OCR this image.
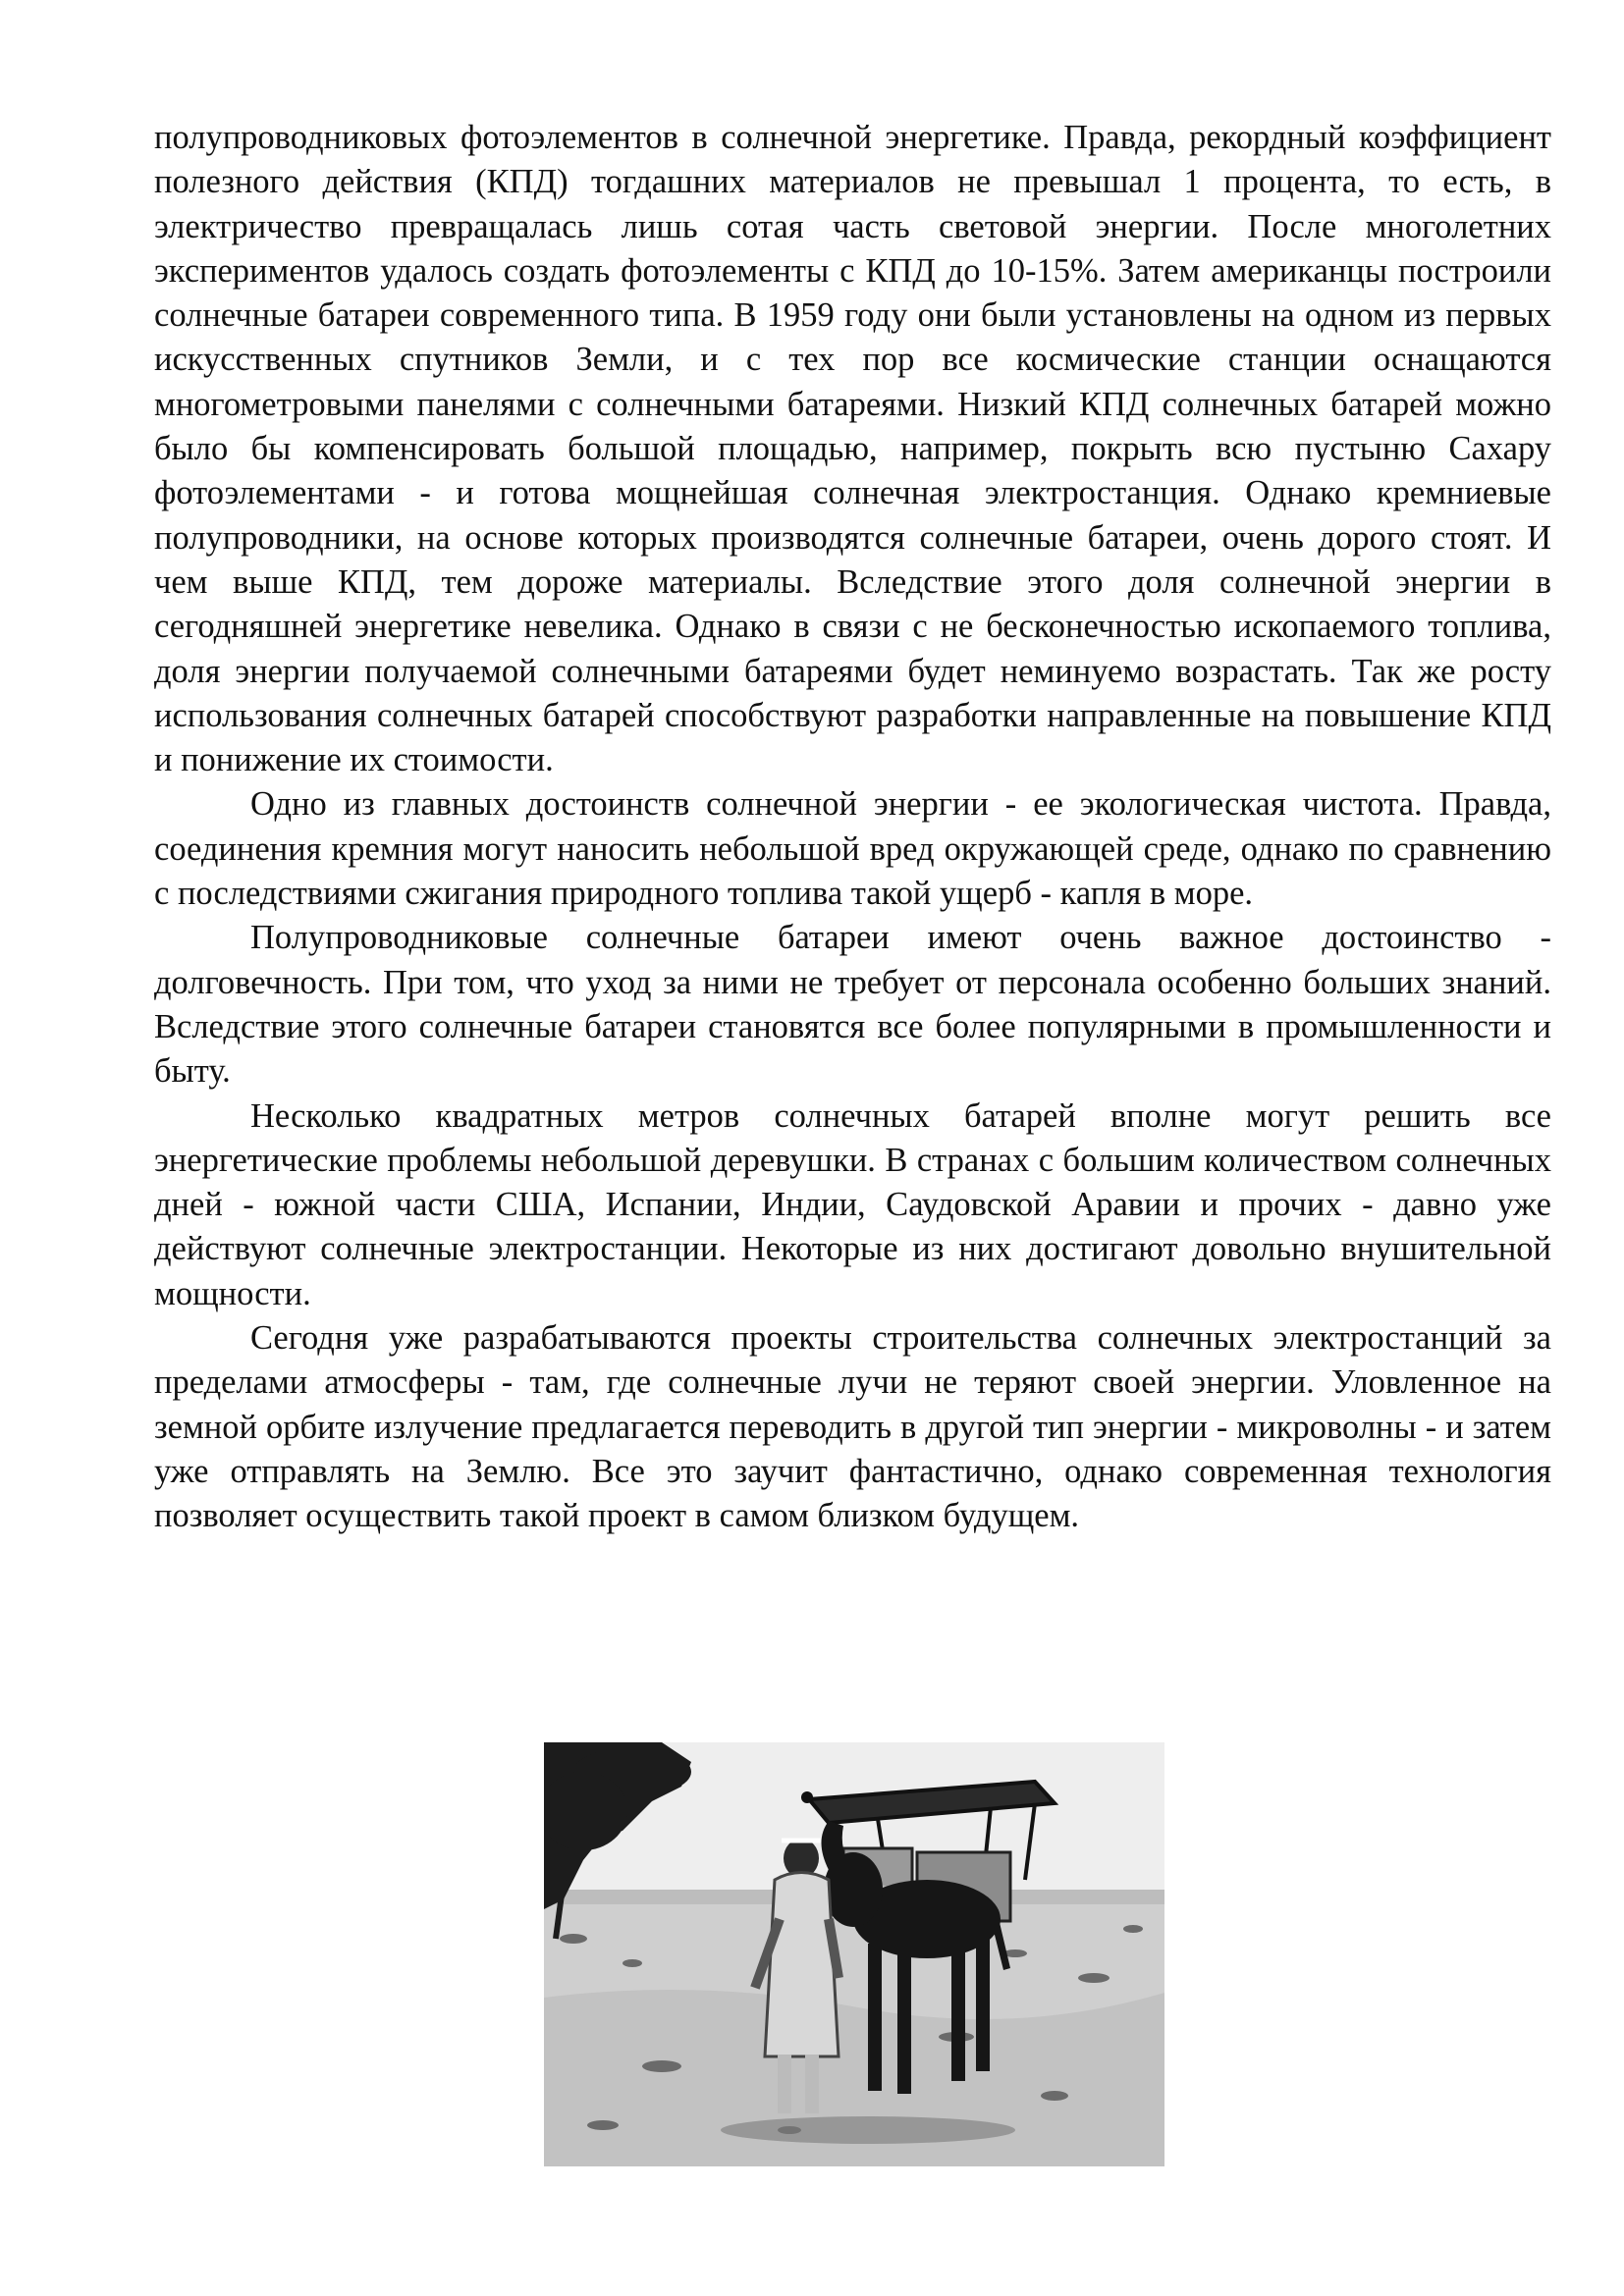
полупроводниковых фотоэлементов в солнечной энергетике. Правда, рекордный коэффициент полезного действия (КПД) тогдашних материалов не превышал 1 процента, то есть, в электричество превращалась лишь сотая часть световой энергии. После многолетних экспериментов удалось создать фотоэлементы с КПД до 10-15%. Затем американцы построили солнечные батареи современного типа. В 1959 году они были установлены на одном из первых искусственных спутников Земли, и с тех пор все космические станции оснащаются многометровыми панелями с солнечными батареями. Низкий КПД солнечных батарей можно было бы компенсировать большой площадью, например, покрыть всю пустыню Сахару фотоэлементами - и готова мощнейшая солнечная электростанция. Однако кремниевые полупроводники, на основе которых производятся солнечные батареи, очень дорого стоят. И чем выше КПД, тем дороже материалы. Вследствие этого доля солнечной энергии в сегодняшней энергетике невелика. Однако в связи с не бесконечностью ископаемого топлива, доля энергии получаемой солнечными батареями будет неминуемо возрастать. Так же росту использования солнечных батарей способствуют разработки направленные на повышение КПД и понижение их стоимости.

Одно из главных достоинств солнечной энергии - ее экологическая чистота. Правда, соединения кремния могут наносить небольшой вред окружающей среде, однако по сравнению с последствиями сжигания природного топлива такой ущерб - капля в море.

Полупроводниковые солнечные батареи имеют очень важное достоинство - долговечность. При том, что уход за ними не требует от персонала особенно больших знаний. Вследствие этого солнечные батареи становятся все более популярными в промышленности и быту.

Несколько квадратных метров солнечных батарей вполне могут решить все энергетические проблемы небольшой деревушки. В странах с большим количеством солнечных дней - южной части США, Испании, Индии, Саудовской Аравии и прочих - давно уже действуют солнечные электростанции. Некоторые из них достигают довольно внушительной мощности.

Сегодня уже разрабатываются проекты строительства солнечных электростанций за пределами атмосферы - там, где солнечные лучи не теряют своей энергии. Уловленное на земной орбите излучение предлагается переводить в другой тип энергии - микроволны - и затем уже отправлять на Землю. Все это заучит фантастично, однако современная технология позволяет осуществить такой проект в самом близком будущем.
